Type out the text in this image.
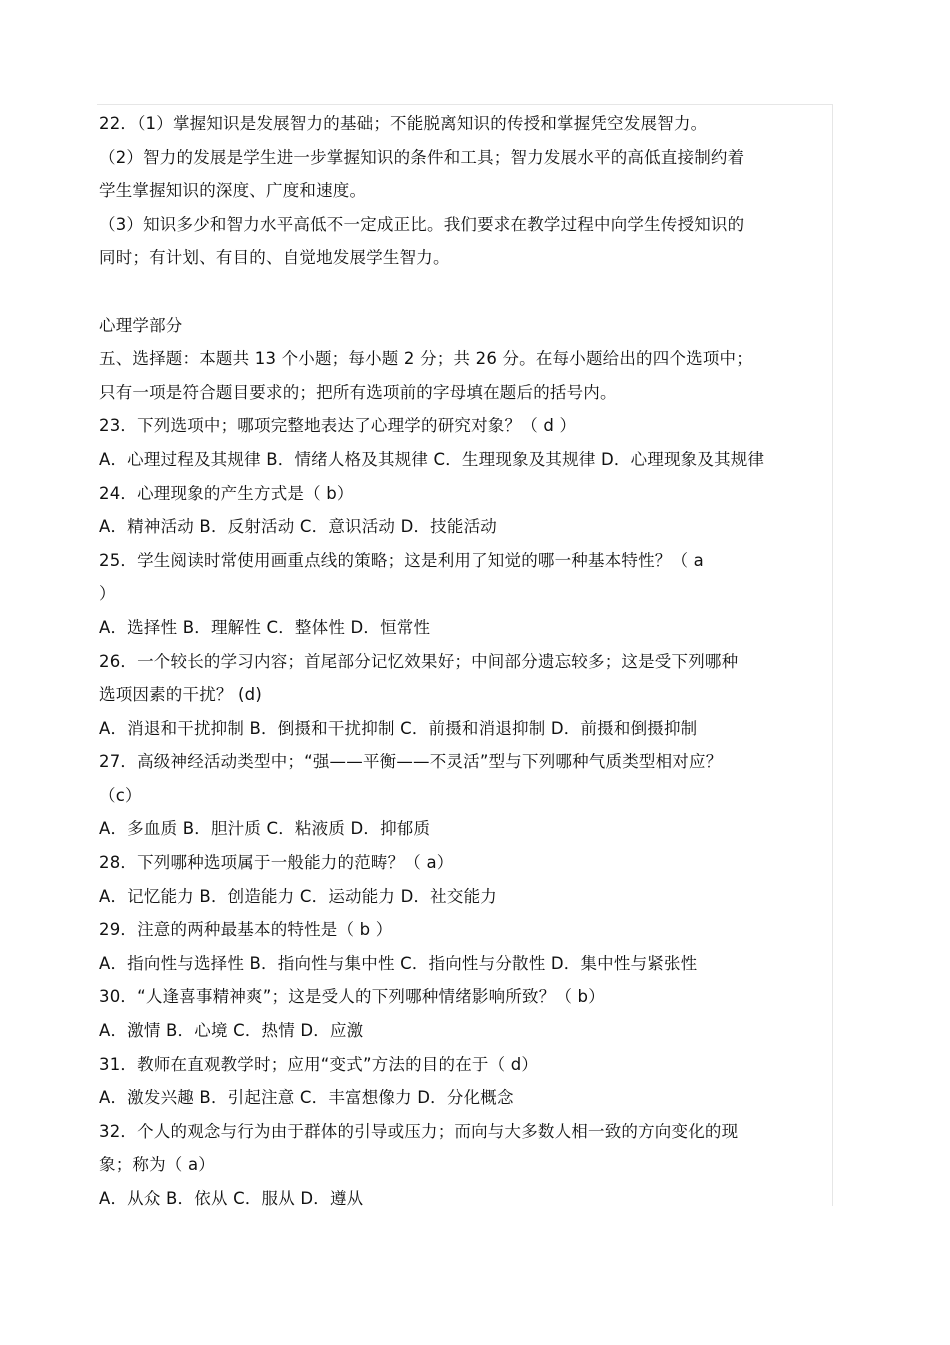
22．（1）掌握知识是发展智力的基础；不能脱离知识的传授和掌握凭空发展智力。
（2）智力的发展是学生进一步掌握知识的条件和工具；智力发展水平的高低直接制约着
学生掌握知识的深度、广度和速度。
（3）知识多少和智力水平高低不一定成正比。我们要求在教学过程中向学生传授知识的
同时；有计划、有目的、自觉地发展学生智力。
心理学部分
五、选择题：本题共 13 个小题；每小题 2 分；共 26 分。在每小题给出的四个选项中；
只有一项是符合题目要求的；把所有选项前的字母填在题后的括号内。
23．下列选项中；哪项完整地表达了心理学的研究对象？（ d ）
A．心理过程及其规律 B．情绪人格及其规律 C．生理现象及其规律 D．心理现象及其规律
24．心理现象的产生方式是（ b）
A．精神活动 B．反射活动 C．意识活动 D．技能活动
25．学生阅读时常使用画重点线的策略；这是利用了知觉的哪一种基本特性？（ a
）
A．选择性 B．理解性 C．整体性 D．恒常性
26．一个较长的学习内容；首尾部分记忆效果好；中间部分遗忘较多；这是受下列哪种
选项因素的干扰？ (d)
A．消退和干扰抑制 B．倒摄和干扰抑制 C．前摄和消退抑制 D．前摄和倒摄抑制
27．高级神经活动类型中；“强——平衡——不灵活”型与下列哪种气质类型相对应？
（c）
A．多血质 B．胆汁质 C．粘液质 D．抑郁质
28．下列哪种选项属于一般能力的范畴？（ a）
A．记忆能力 B．创造能力 C．运动能力 D．社交能力
29．注意的两种最基本的特性是（ b ）
A．指向性与选择性 B．指向性与集中性 C．指向性与分散性 D．集中性与紧张性
30．“人逢喜事精神爽”；这是受人的下列哪种情绪影响所致？（ b）
A．激情 B．心境 C．热情 D．应激
31．教师在直观教学时；应用“变式”方法的目的在于（ d）
A．激发兴趣 B．引起注意 C．丰富想像力 D．分化概念
32．个人的观念与行为由于群体的引导或压力；而向与大多数人相一致的方向变化的现
象；称为（ a）
A．从众 B．依从 C．服从 D．遵从
